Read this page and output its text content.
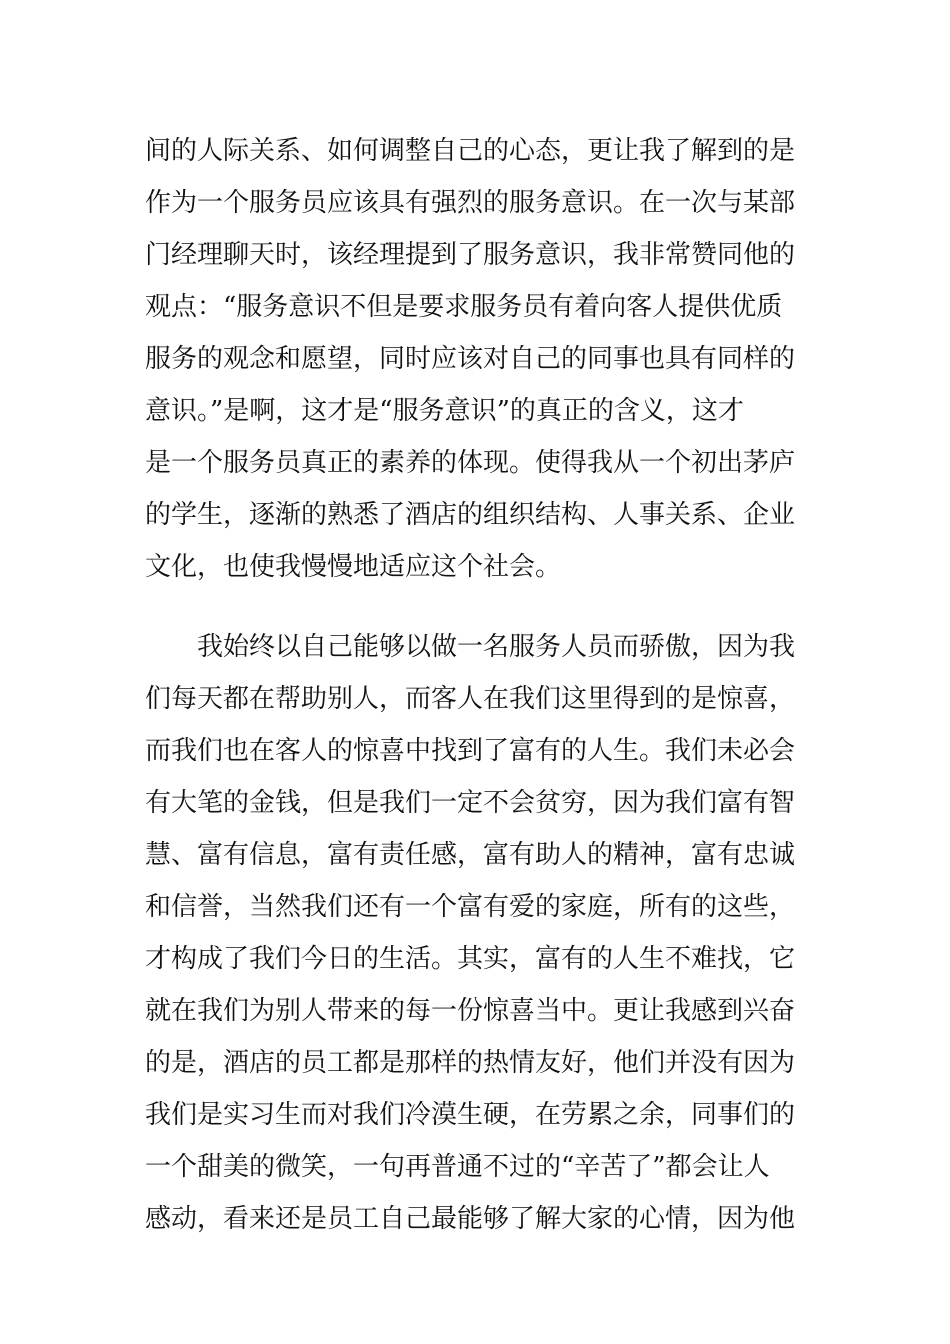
间的人际关系、如何调整自己的心态，更让我了解到的是
作为一个服务员应该具有强烈的服务意识。在一次与某部
门经理聊天时，该经理提到了服务意识，我非常赞同他的
观点：“服务意识不但是要求服务员有着向客人提供优质
服务的观念和愿望，同时应该对自己的同事也具有同样的
意识。”是啊，这才是“服务意识”的真正的含义，这才
是一个服务员真正的素养的体现。使得我从一个初出茅庐
的学生，逐渐的熟悉了酒店的组织结构、人事关系、企业
文化，也使我慢慢地适应这个社会。
我始终以自己能够以做一名服务人员而骄傲，因为我
们每天都在帮助别人，而客人在我们这里得到的是惊喜，
而我们也在客人的惊喜中找到了富有的人生。我们未必会
有大笔的金钱，但是我们一定不会贫穷，因为我们富有智
慧、富有信息，富有责任感，富有助人的精神，富有忠诚
和信誉，当然我们还有一个富有爱的家庭，所有的这些，
才构成了我们今日的生活。其实，富有的人生不难找，它
就在我们为别人带来的每一份惊喜当中。更让我感到兴奋
的是，酒店的员工都是那样的热情友好，他们并没有因为
我们是实习生而对我们冷漠生硬，在劳累之余，同事们的
一个甜美的微笑，一句再普通不过的“辛苦了”都会让人
感动，看来还是员工自己最能够了解大家的心情，因为他
